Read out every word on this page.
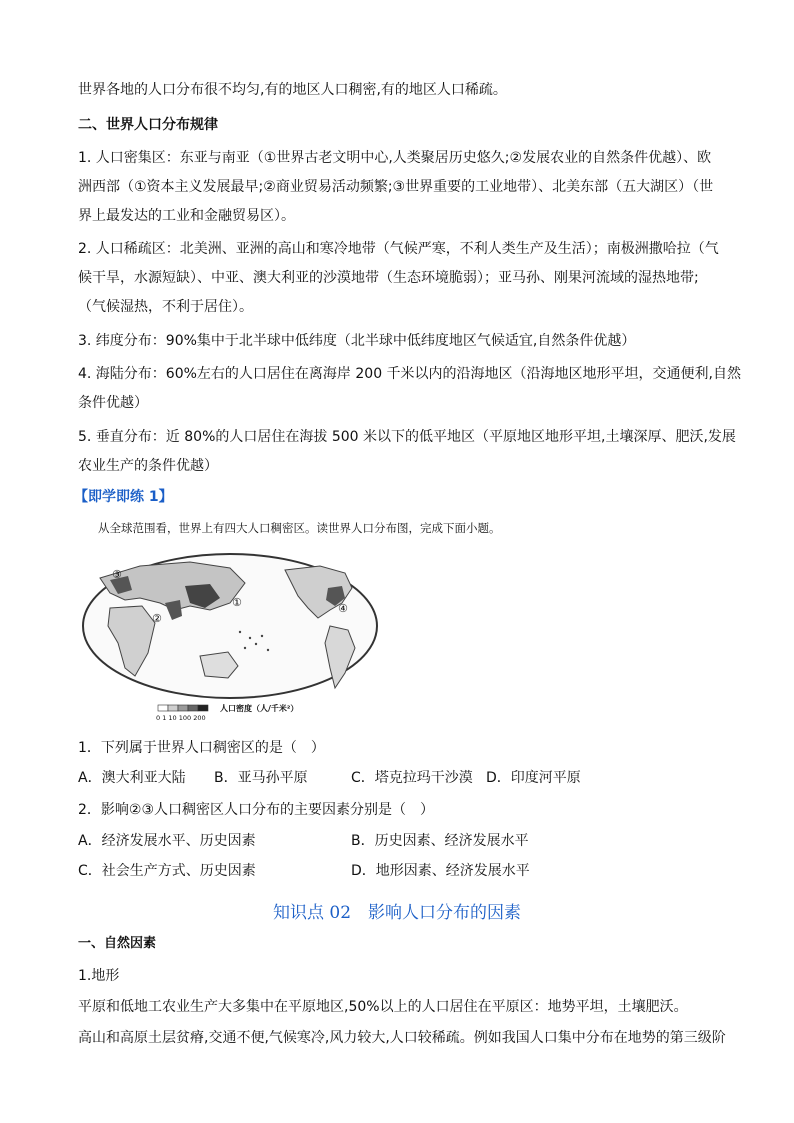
世界各地的人口分布很不均匀,有的地区人口稠密,有的地区人口稀疏。
二、世界人口分布规律
1. 人口密集区：东亚与南亚（①世界古老文明中心,人类聚居历史悠久;②发展农业的自然条件优越）、欧
洲西部（①资本主义发展最早;②商业贸易活动频繁;③世界重要的工业地带）、北美东部（五大湖区）（世
界上最发达的工业和金融贸易区）。
2. 人口稀疏区：北美洲、亚洲的高山和寒冷地带（气候严寒，不利人类生产及生活）；南极洲撒哈拉（气
候干旱，水源短缺）、中亚、澳大利亚的沙漠地带（生态环境脆弱）；亚马孙、刚果河流域的湿热地带;
（气候湿热，不利于居住）。
3. 纬度分布：90%集中于北半球中低纬度（北半球中低纬度地区气候适宜,自然条件优越）
4. 海陆分布：60%左右的人口居住在离海岸 200 千米以内的沿海地区（沿海地区地形平坦，交通便利,自然
条件优越）
5. 垂直分布：近 80%的人口居住在海拔 500 米以下的低平地区（平原地区地形平坦,土壤深厚、肥沃,发展
农业生产的条件优越）
【即学即练 1】
从全球范围看，世界上有四大人口稠密区。读世界人口分布图，完成下面小题。
③
②
①	④
0 1 10 100 200
人口密度（人/千米²）
1．下列属于世界人口稠密区的是（　）
A．澳大利亚大陆 B．亚马孙平原	C．塔克拉玛干沙漠 D．印度河平原
2．影响②③人口稠密区人口分布的主要因素分别是（　）
A．经济发展水平、历史因素	B．历史因素、经济发展水平
C．社会生产方式、历史因素	D．地形因素、经济发展水平
知识点 02　影响人口分布的因素
一、自然因素
1.地形
平原和低地工农业生产大多集中在平原地区,50%以上的人口居住在平原区：地势平坦，土壤肥沃。
高山和高原土层贫瘠,交通不便,气候寒冷,风力较大,人口较稀疏。例如我国人口集中分布在地势的第三级阶
